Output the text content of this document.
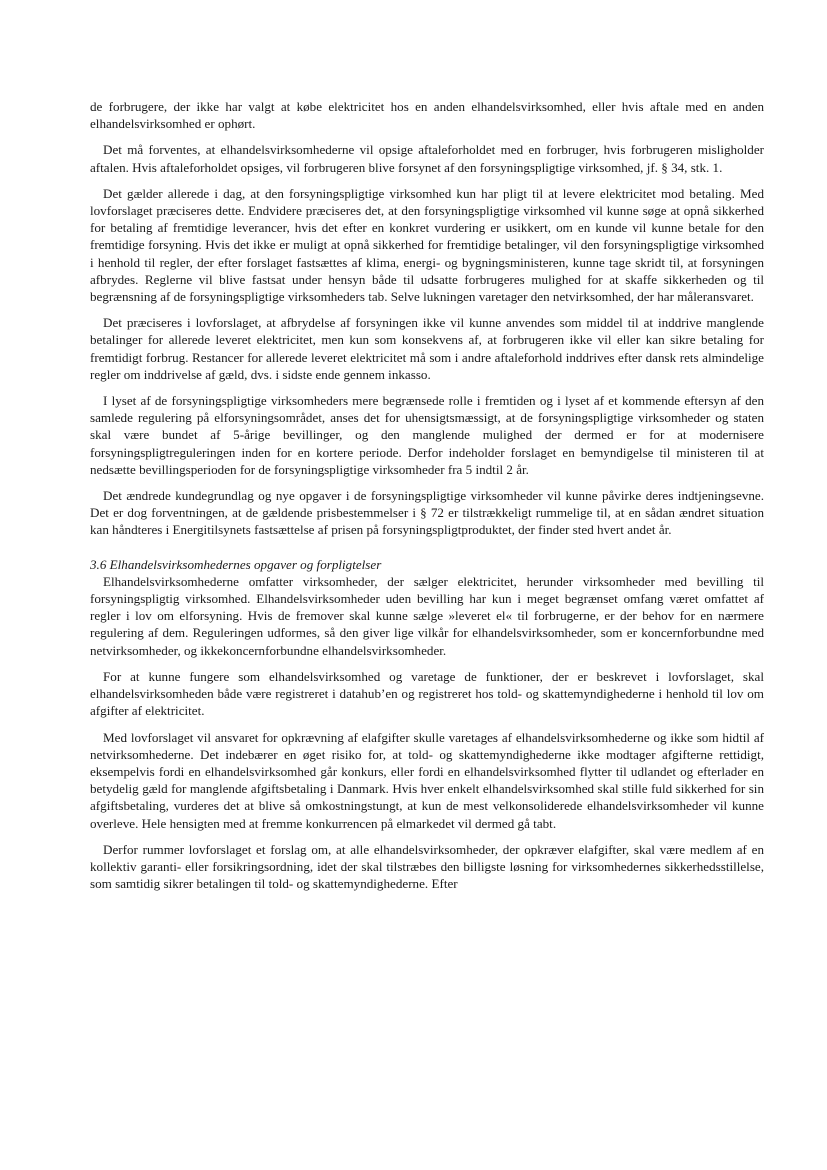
de forbrugere, der ikke har valgt at købe elektricitet hos en anden elhandelsvirksomhed, eller hvis aftale med en anden elhandelsvirksomhed er ophørt.

Det må forventes, at elhandelsvirksomhederne vil opsige aftaleforholdet med en forbruger, hvis forbrugeren misligholder aftalen. Hvis aftaleforholdet opsiges, vil forbrugeren blive forsynet af den forsyningspligtige virksomhed, jf. § 34, stk. 1.

Det gælder allerede i dag, at den forsyningspligtige virksomhed kun har pligt til at levere elektricitet mod betaling. Med lovforslaget præciseres dette. Endvidere præciseres det, at den forsyningspligtige virksomhed vil kunne søge at opnå sikkerhed for betaling af fremtidige leverancer, hvis det efter en konkret vurdering er usikkert, om en kunde vil kunne betale for den fremtidige forsyning. Hvis det ikke er muligt at opnå sikkerhed for fremtidige betalinger, vil den forsyningspligtige virksomhed i henhold til regler, der efter forslaget fastsættes af klima, energi- og bygningsministeren, kunne tage skridt til, at forsyningen afbrydes. Reglerne vil blive fastsat under hensyn både til udsatte forbrugeres mulighed for at skaffe sikkerheden og til begrænsning af de forsyningspligtige virksomheders tab. Selve lukningen varetager den netvirksomhed, der har måleransvaret.

Det præciseres i lovforslaget, at afbrydelse af forsyningen ikke vil kunne anvendes som middel til at inddrive manglende betalinger for allerede leveret elektricitet, men kun som konsekvens af, at forbrugeren ikke vil eller kan sikre betaling for fremtidigt forbrug. Restancer for allerede leveret elektricitet må som i andre aftaleforhold inddrives efter dansk rets almindelige regler om inddrivelse af gæld, dvs. i sidste ende gennem inkasso.

I lyset af de forsyningspligtige virksomheders mere begrænsede rolle i fremtiden og i lyset af et kommende eftersyn af den samlede regulering på elforsyningsområdet, anses det for uhensigtsmæssigt, at de forsyningspligtige virksomheder og staten skal være bundet af 5-årige bevillinger, og den manglende mulighed der dermed er for at modernisere forsyningspligtreguleringen inden for en kortere periode. Derfor indeholder forslaget en bemyndigelse til ministeren til at nedsætte bevillingsperioden for de forsyningspligtige virksomheder fra 5 indtil 2 år.

Det ændrede kundegrundlag og nye opgaver i de forsyningspligtige virksomheder vil kunne påvirke deres indtjeningsevne. Det er dog forventningen, at de gældende prisbestemmelser i § 72 er tilstrækkeligt rummelige til, at en sådan ændret situation kan håndteres i Energitilsynets fastsættelse af prisen på forsyningspligtproduktet, der finder sted hvert andet år.

3.6 Elhandelsvirksomhedernes opgaver og forpligtelser

Elhandelsvirksomhederne omfatter virksomheder, der sælger elektricitet, herunder virksomheder med bevilling til forsyningspligtig virksomhed. Elhandelsvirksomheder uden bevilling har kun i meget begrænset omfang været omfattet af regler i lov om elforsyning. Hvis de fremover skal kunne sælge »leveret el« til forbrugerne, er der behov for en nærmere regulering af dem. Reguleringen udformes, så den giver lige vilkår for elhandelsvirksomheder, som er koncernforbundne med netvirksomheder, og ikkekoncernforbundne elhandelsvirksomheder.

For at kunne fungere som elhandelsvirksomhed og varetage de funktioner, der er beskrevet i lovforslaget, skal elhandelsvirksomheden både være registreret i datahub’en og registreret hos told- og skattemyndighederne i henhold til lov om afgifter af elektricitet.

Med lovforslaget vil ansvaret for opkrævning af elafgifter skulle varetages af elhandelsvirksomhederne og ikke som hidtil af netvirksomhederne. Det indebærer en øget risiko for, at told- og skattemyndighederne ikke modtager afgifterne rettidigt, eksempelvis fordi en elhandelsvirksomhed går konkurs, eller fordi en elhandelsvirksomhed flytter til udlandet og efterlader en betydelig gæld for manglende afgiftsbetaling i Danmark. Hvis hver enkelt elhandelsvirksomhed skal stille fuld sikkerhed for sin afgiftsbetaling, vurderes det at blive så omkostningstungt, at kun de mest velkonsoliderede elhandelsvirksomheder vil kunne overleve. Hele hensigten med at fremme konkurrencen på elmarkedet vil dermed gå tabt.

Derfor rummer lovforslaget et forslag om, at alle elhandelsvirksomheder, der opkræver elafgifter, skal være medlem af en kollektiv garanti- eller forsikringsordning, idet der skal tilstræbes den billigste løsning for virksomhedernes sikkerhedsstillelse, som samtidig sikrer betalingen til told- og skattemyndighederne. Efter
